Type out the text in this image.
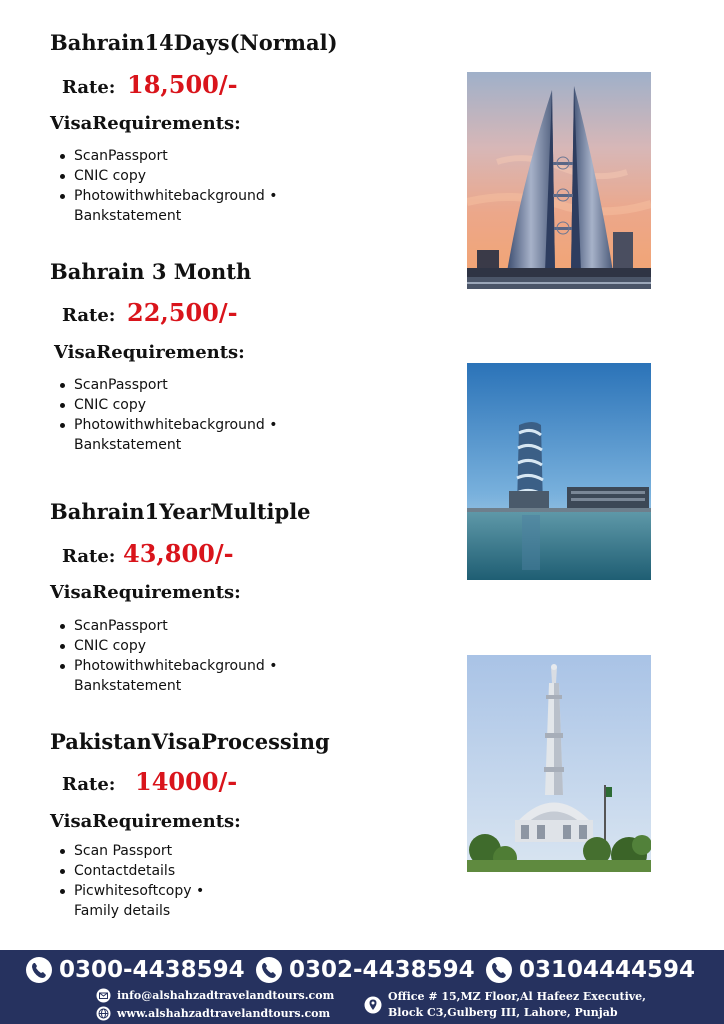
Bahrain14Days(Normal)
Rate: 18,500/-
VisaRequirements:
ScanPassport
CNIC copy
Photowithwhitebackground •
Bankstatement
Bahrain 3 Month
Rate: 22,500/-
VisaRequirements:
ScanPassport
CNIC copy
Photowithwhitebackground •
Bankstatement
Bahrain1YearMultiple
Rate: 43,800/-
VisaRequirements:
ScanPassport
CNIC copy
Photowithwhitebackground •
Bankstatement
PakistanVisaProcessing
Rate: 14000/-
VisaRequirements:
Scan Passport
Contactdetails
Picwhitesoftcopy •
Family details
0300-4438594 0302-4438594 03104444594
info@alshahzadtravelandtours.com
www.alshahzadtravelandtours.com
Office # 15,MZ Floor,Al Hafeez Executive,
Block C3,Gulberg III, Lahore, Punjab
